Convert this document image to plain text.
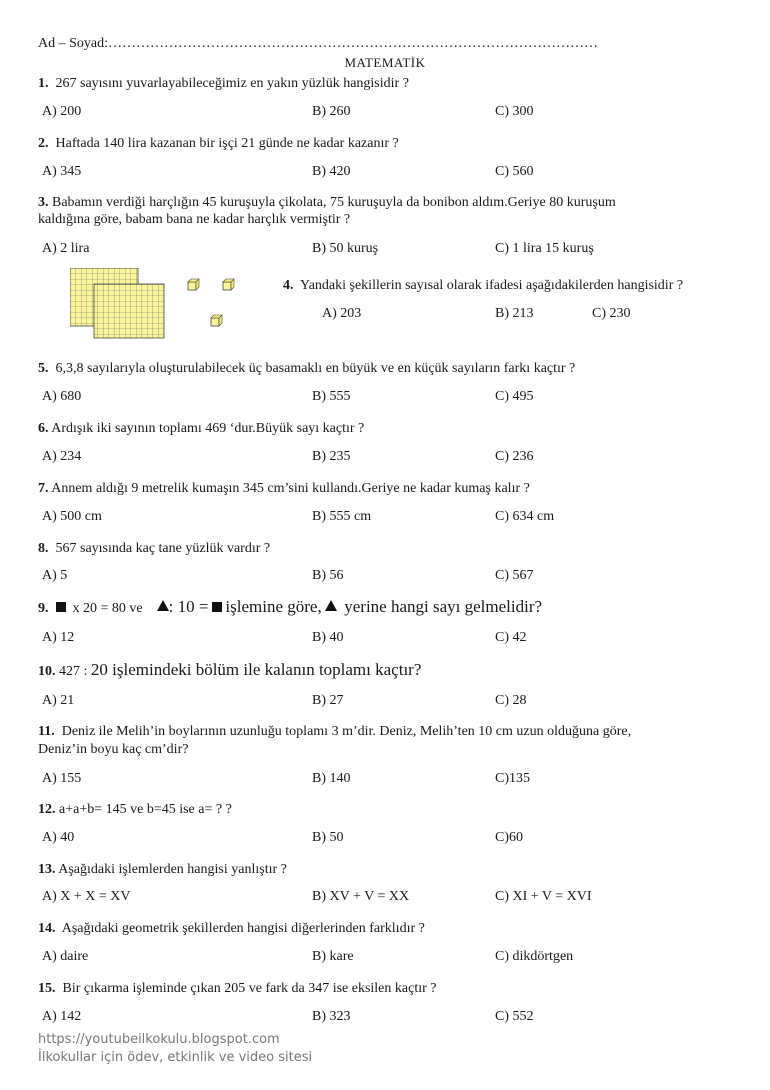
Ad – Soyad:……………………………………………………………………………………………
MATEMATİK
1. 267 sayısını yuvarlayabileceğimiz en yakın yüzlük hangisidir ?
A) 200	B) 260	C) 300
2. Haftada 140 lira kazanan bir işçi 21 günde ne kadar kazanır ?
A) 345	B) 420	C) 560
3. Babamın verdiği harçlığın 45 kuruşuyla çikolata, 75 kuruşuyla da bonibon aldım.Geriye 80 kuruşum
kaldığına göre, babam bana ne kadar harçlık vermiştir ?
A) 2 lira	B) 50 kuruş	C) 1 lira 15 kuruş
4. Yandaki şekillerin sayısal olarak ifadesi aşağıdakilerden hangisidir ?
A) 203	B) 213	C) 230
5. 6,3,8 sayılarıyla oluşturulabilecek üç basamaklı en büyük ve en küçük sayıların farkı kaçtır ?
A) 680	B) 555	C) 495
6. Ardışık iki sayının toplamı 469 ‘dur.Büyük sayı kaçtır ?
A) 234	B) 235	C) 236
7. Annem aldığı 9 metrelik kumaşın 345 cm’sini kullandı.Geriye ne kadar kumaş kalır ?
A) 500 cm	B) 555 cm	C) 634 cm
8. 567 sayısında kaç tane yüzlük vardır ?
A) 5	B) 56	C) 567
9. x 20 = 80 ve : 10 = işlemine göre, yerine hangi sayı gelmelidir?
A) 12	B) 40	C) 42
10. 427 : 20 işlemindeki bölüm ile kalanın toplamı kaçtır?
A) 21	B) 27	C) 28
11. Deniz ile Melih’in boylarının uzunluğu toplamı 3 m’dir. Deniz, Melih’ten 10 cm uzun olduğuna göre,
Deniz’in boyu kaç cm’dir?
A) 155	B) 140	C)135
12. a+a+b= 145 ve b=45 ise a= ? ?
A) 40	B) 50	C)60
13. Aşağıdaki işlemlerden hangisi yanlıştır ?
A) X + X = XV	B) XV + V = XX	C) XI + V = XVI
14. Aşağıdaki geometrik şekillerden hangisi diğerlerinden farklıdır ?
A) daire	B) kare	C) dikdörtgen
15. Bir çıkarma işleminde çıkan 205 ve fark da 347 ise eksilen kaçtır ?
A) 142	B) 323	C) 552
https://youtubeilkokulu.blogspot.com
İlkokullar için ödev, etkinlik ve video sitesi
